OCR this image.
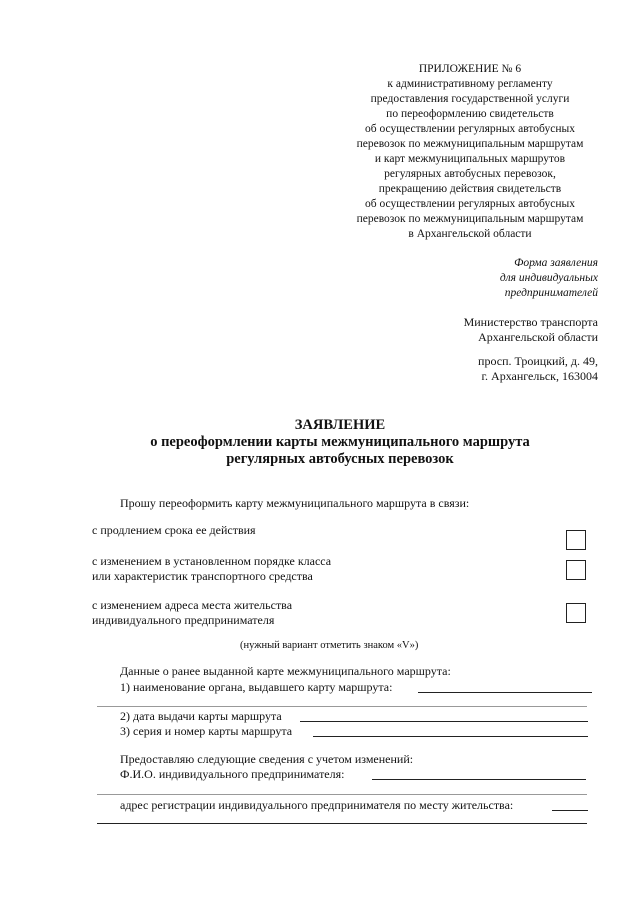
ПРИЛОЖЕНИЕ № 6
к административному регламенту
предоставления государственной услуги
по переоформлению свидетельств
об осуществлении регулярных автобусных
перевозок по межмуниципальным маршрутам
и карт межмуниципальных маршрутов
регулярных автобусных перевозок,
прекращению действия свидетельств
об осуществлении регулярных автобусных
перевозок по межмуниципальным маршрутам
в Архангельской области
Форма заявления
для индивидуальных
предпринимателей
Министерство транспорта
Архангельской области
просп. Троицкий, д. 49,
г. Архангельск, 163004
ЗАЯВЛЕНИЕ
о переоформлении карты межмуниципального маршрута
регулярных автобусных перевозок
Прошу переоформить карту межмуниципального маршрута в связи:
с продлением срока ее действия
с изменением в установленном порядке класса
или характеристик транспортного средства
с изменением адреса места жительства
индивидуального предпринимателя
(нужный вариант отметить знаком «V»)
Данные о ранее выданной карте межмуниципального маршрута:
1) наименование органа, выдавшего карту маршрута:
2) дата выдачи карты маршрута
3) серия и номер карты маршрута
Предоставляю следующие сведения с учетом изменений:
Ф.И.О. индивидуального предпринимателя:
адрес регистрации индивидуального предпринимателя по месту жительства:
